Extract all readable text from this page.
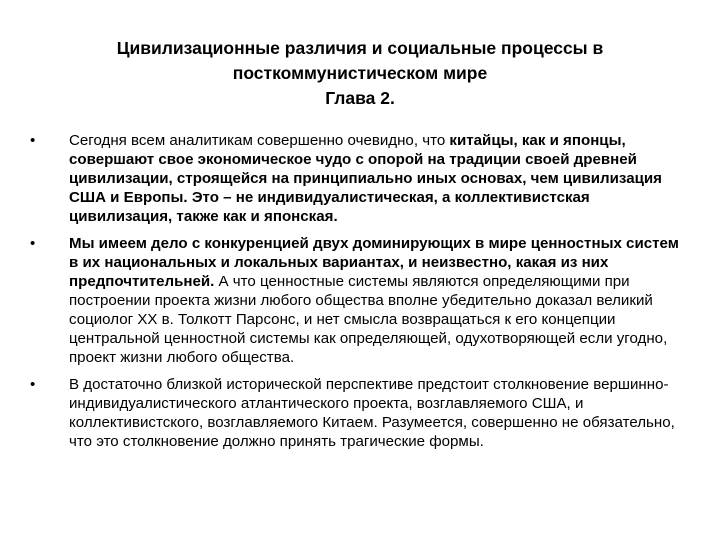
Цивилизационные различия и социальные процессы в
посткоммунистическом мире
Глава 2.
• Сегодня всем аналитикам совершенно очевидно, что китайцы, как и японцы, совершают свое экономическое чудо с опорой на традиции своей древней цивилизации, строящейся на принципиально иных основах, чем цивилизация США и Европы. Это – не индивидуалистическая, а коллективистская цивилизация, также как и японская.
• Мы имеем дело с конкуренцией двух доминирующих в мире ценностных систем в их национальных и локальных вариантах, и неизвестно, какая из них предпочтительней. А что ценностные системы являются определяющими при построении проекта жизни любого общества вполне убедительно доказал великий социолог XX в. Толкотт Парсонс, и нет смысла возвращаться к его концепции центральной ценностной системы как определяющей, одухотворяющей если угодно, проект жизни любого общества.
• В достаточно близкой исторической перспективе предстоит столкновение вершинно-индивидуалистического атлантического проекта, возглавляемого США, и коллективистского, возглавляемого Китаем. Разумеется, совершенно не обязательно, что это столкновение должно принять трагические формы.
